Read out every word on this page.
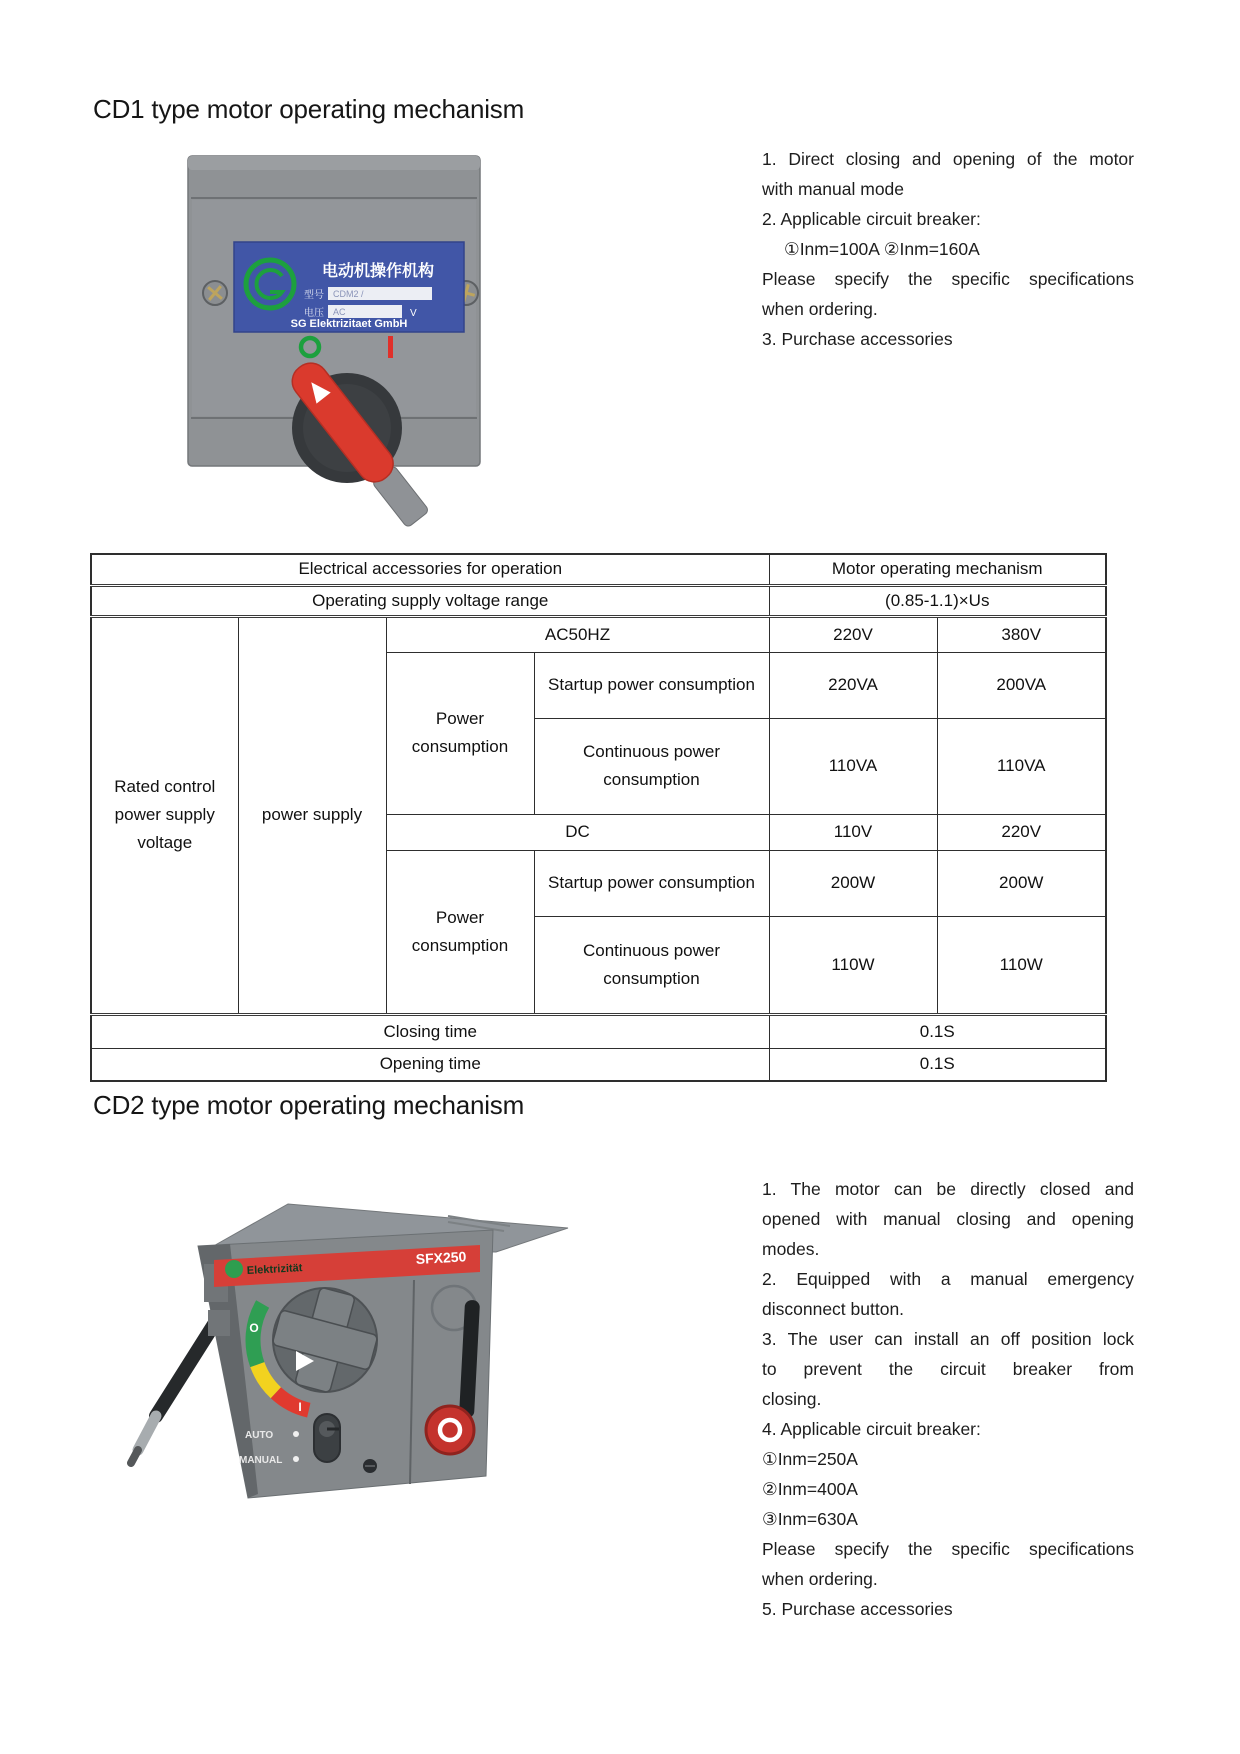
CD1 type motor operating mechanism
电动机操作机构
型号 CDM2 /
电压 AC	V
SG Elektrizitaet GmbH
1. Direct closing and opening of the motor
with manual mode
2. Applicable circuit breaker:
①Inm=100A ②Inm=160A
Please specify the specific specifications
when ordering.
3. Purchase accessories
Electrical accessories for operation				Motor operating mechanism	
Operating supply voltage range				(0.85-1.1)×Us	
Rated control power supply voltage	power supply	AC50HZ		220V	380V
		Power consumption	Startup power consumption	220VA	200VA
			Continuous power consumption	110VA	110VA
		DC		110V	220V
		Power consumption	Startup power consumption	200W	200W
			Continuous power consumption	110W	110W
Closing time				0.1S	
Opening time				0.1S	
CD2 type motor operating mechanism
Elektrizität
SFX250
O
I
AUTO
MANUAL
1. The motor can be directly closed and
opened with manual closing and opening
modes.
2. Equipped with a manual emergency
disconnect button.
3. The user can install an off position lock
to prevent the circuit breaker from
closing.
4. Applicable circuit breaker:
①Inm=250A
②Inm=400A
③Inm=630A
Please specify the specific specifications
when ordering.
5. Purchase accessories
